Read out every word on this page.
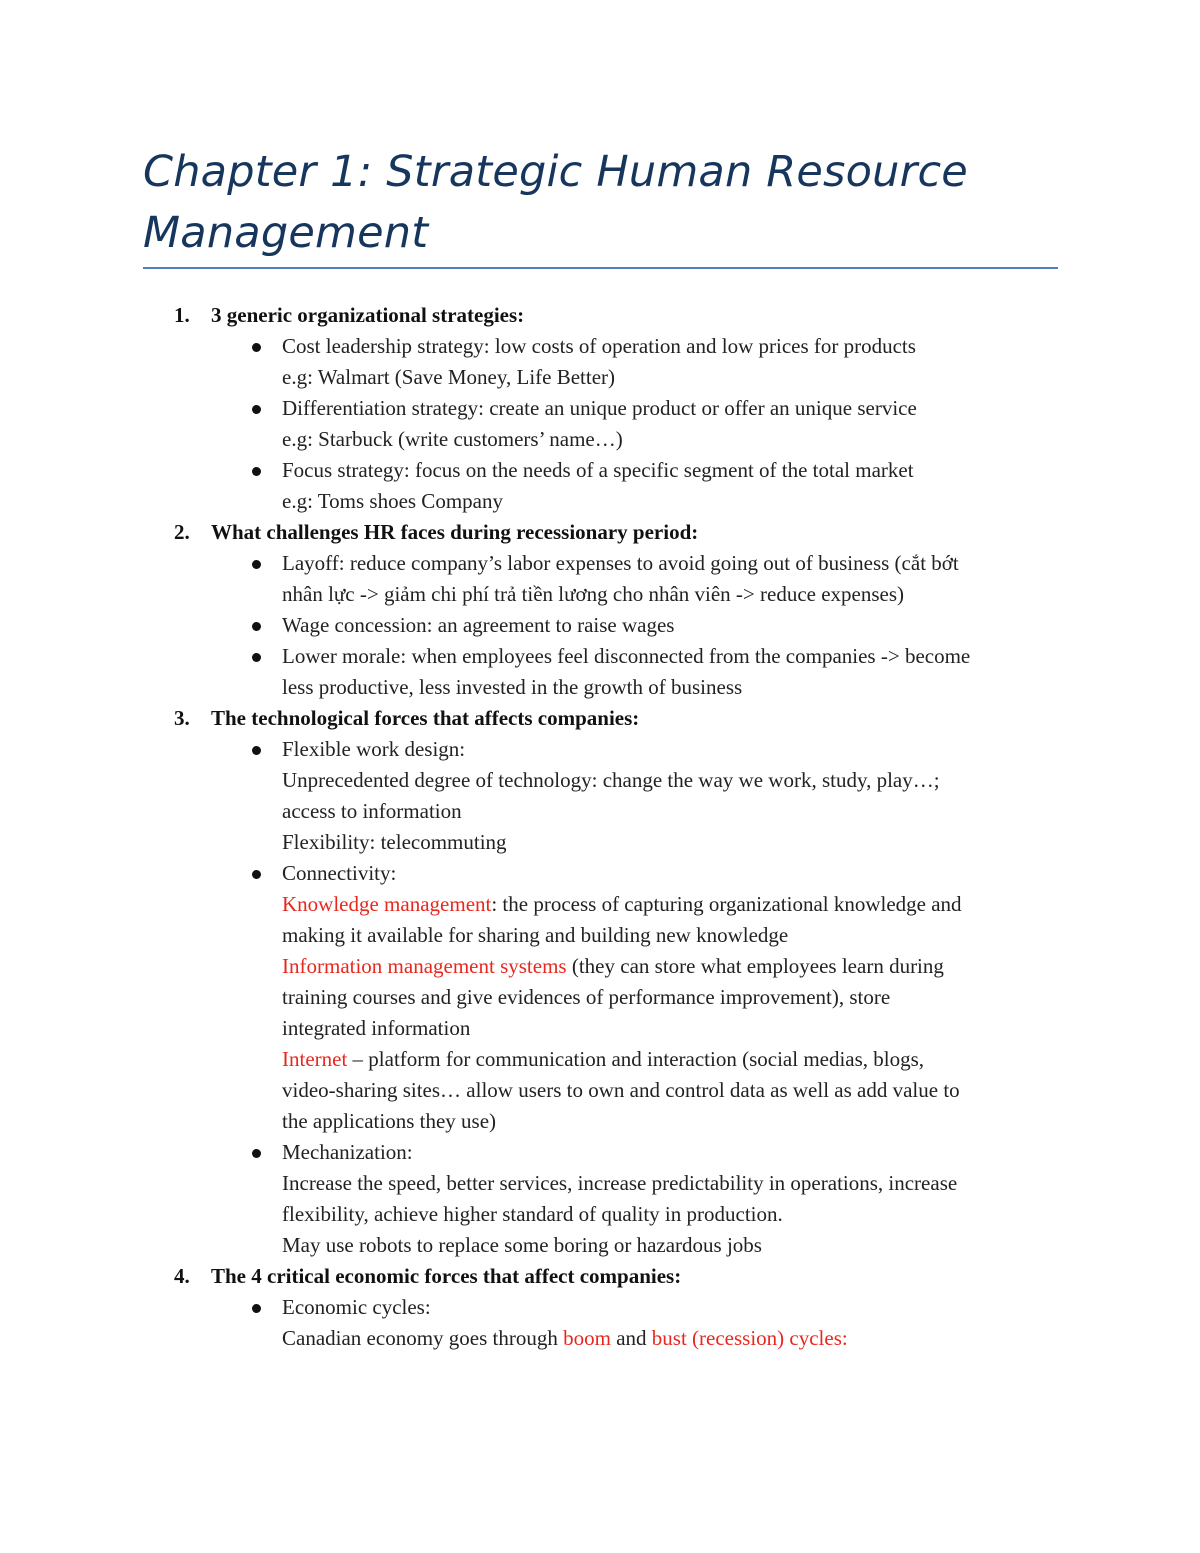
Chapter 1: Strategic Human Resource
Management
1. 3 generic organizational strategies:
Cost leadership strategy: low costs of operation and low prices for products
e.g: Walmart (Save Money, Life Better)
Differentiation strategy: create an unique product or offer an unique service
e.g: Starbuck (write customers’ name…)
Focus strategy: focus on the needs of a specific segment of the total market
e.g: Toms shoes Company
2. What challenges HR faces during recessionary period:
Layoff: reduce company’s labor expenses to avoid going out of business (cắt bớt
nhân lực -> giảm chi phí trả tiền lương cho nhân viên -> reduce expenses)
Wage concession: an agreement to raise wages
Lower morale: when employees feel disconnected from the companies -> become
less productive, less invested in the growth of business
3. The technological forces that affects companies:
Flexible work design:
Unprecedented degree of technology: change the way we work, study, play…;
access to information
Flexibility: telecommuting
Connectivity:
Knowledge management: the process of capturing organizational knowledge and
making it available for sharing and building new knowledge
Information management systems (they can store what employees learn during
training courses and give evidences of performance improvement), store
integrated information
Internet – platform for communication and interaction (social medias, blogs,
video-sharing sites… allow users to own and control data as well as add value to
the applications they use)
Mechanization:
Increase the speed, better services, increase predictability in operations, increase
flexibility, achieve higher standard of quality in production.
May use robots to replace some boring or hazardous jobs
4. The 4 critical economic forces that affect companies:
Economic cycles:
Canadian economy goes through boom and bust (recession) cycles:
